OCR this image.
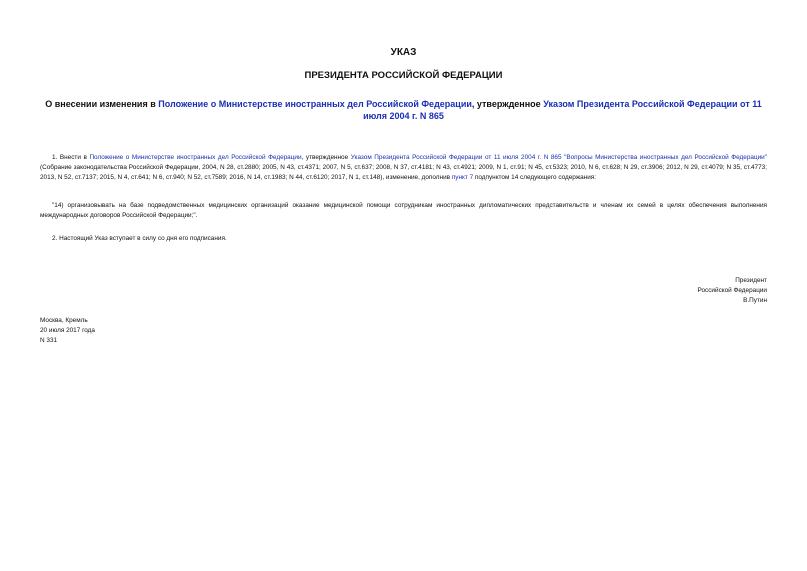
УКАЗ
ПРЕЗИДЕНТА РОССИЙСКОЙ ФЕДЕРАЦИИ
О внесении изменения в Положение о Министерстве иностранных дел Российской Федерации, утвержденное Указом Президента Российской Федерации от 11 июля 2004 г. N 865
1. Внести в Положение о Министерстве иностранных дел Российской Федерации, утвержденное Указом Президента Российской Федерации от 11 июля 2004 г. N 865 "Вопросы Министерства иностранных дел Российской Федерации" (Собрание законодательства Российской Федерации, 2004, N 28, ст.2880; 2005, N 43, ст.4371; 2007, N 5, ст.637; 2008, N 37, ст.4181; N 43, ст.4921; 2009, N 1, ст.91; N 45, ст.5323; 2010, N 6, ст.628; N 29, ст.3906; 2012, N 29, ст.4079; N 35, ст.4773; 2013, N 52, ст.7137; 2015, N 4, ст.641; N 6, ст.940; N 52, ст.7589; 2016, N 14, ст.1983; N 44, ст.6120; 2017, N 1, ст.148), изменение, дополнив пункт 7 подпунктом 14 следующего содержания:
"14) организовывать на базе подведомственных медицинских организаций оказание медицинской помощи сотрудникам иностранных дипломатических представительств и членам их семей в целях обеспечения выполнения международных договоров Российской Федерации;".
2. Настоящий Указ вступает в силу со дня его подписания.
Президент
Российской Федерации
В.Путин
Москва, Кремль
20 июля 2017 года
N 331
